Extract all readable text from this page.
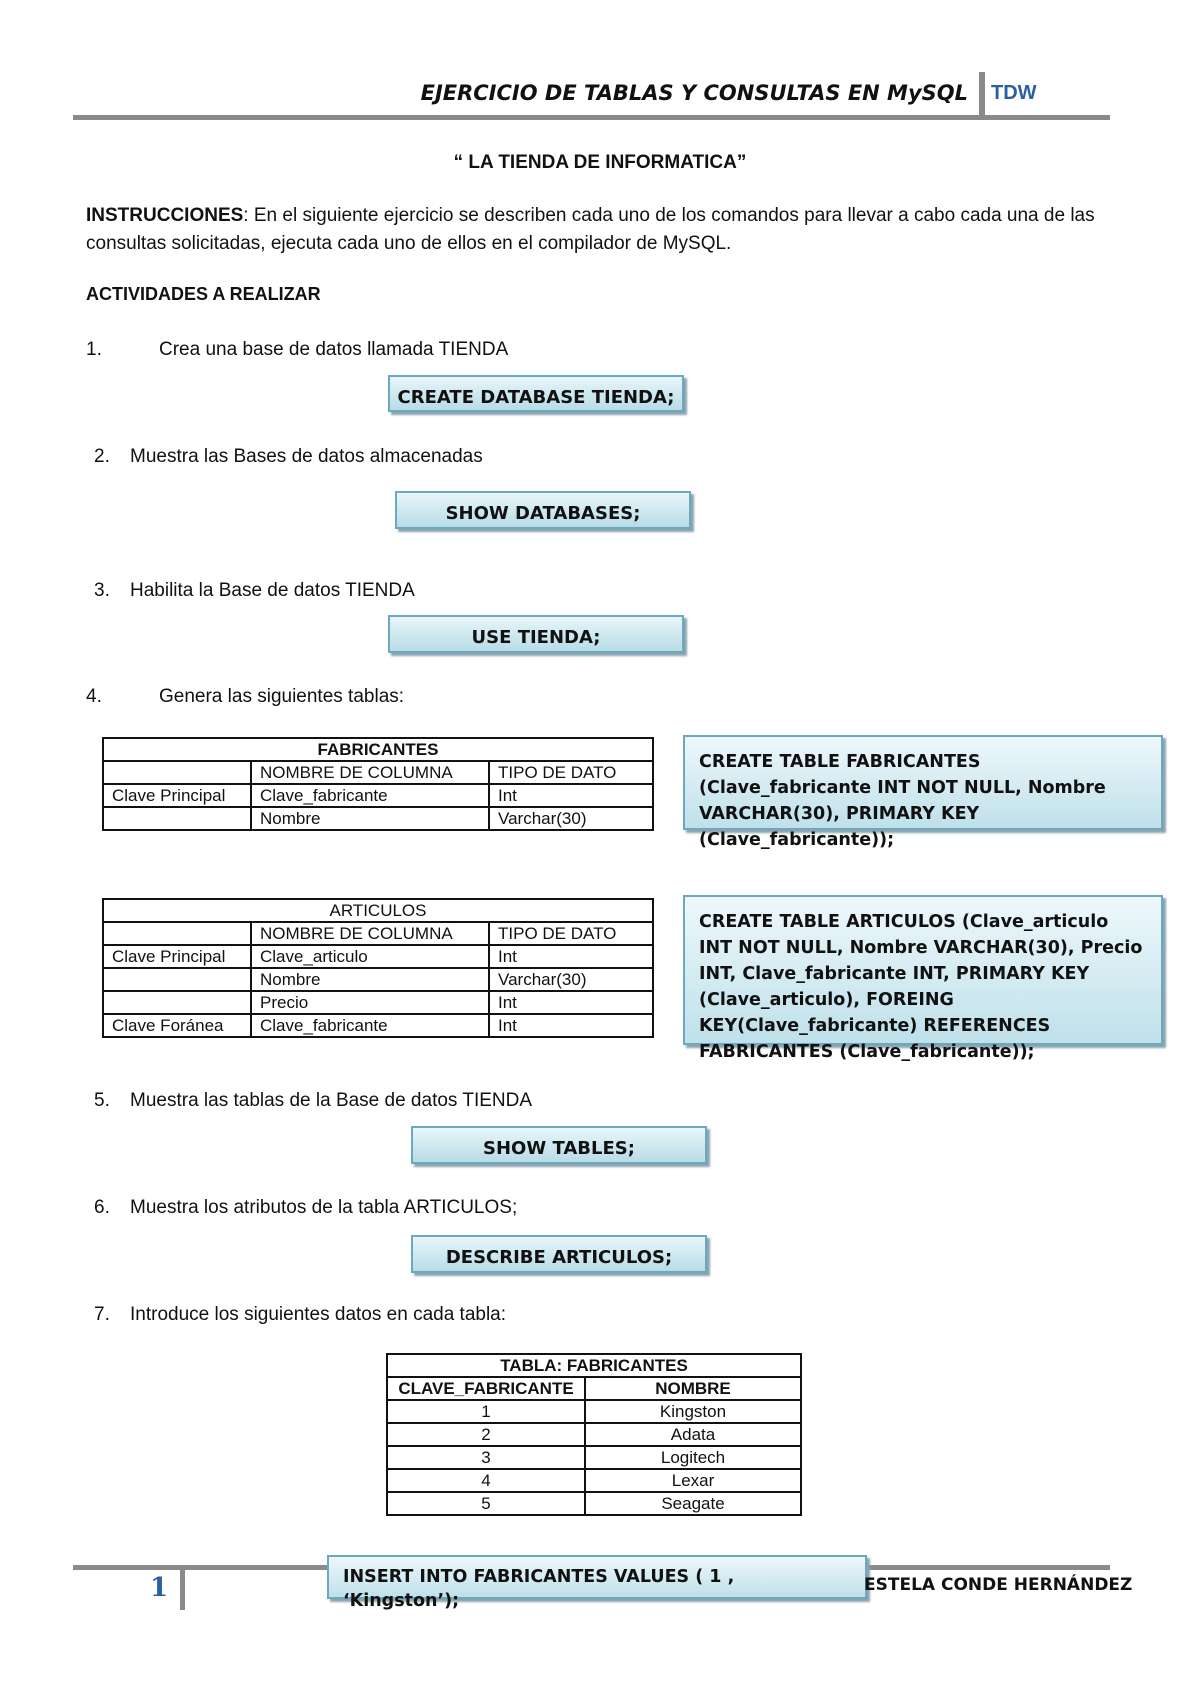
EJERCICIO DE TABLAS Y CONSULTAS EN MySQL TDW
“ LA TIENDA DE INFORMATICA”
INSTRUCCIONES: En el siguiente ejercicio se describen cada uno de los comandos para llevar a cabo cada una de las consultas solicitadas, ejecuta cada uno de ellos en el compilador de MySQL.
ACTIVIDADES A REALIZAR
1.	Crea una base de datos llamada TIENDA
CREATE DATABASE TIENDA;
2. Muestra las Bases de datos almacenadas
SHOW DATABASES;
3. Habilita la Base de datos TIENDA
USE TIENDA;
4.	Genera las siguientes tablas:
FABRICANTES		
	NOMBRE DE COLUMNA	TIPO DE DATO
Clave Principal	Clave_fabricante	Int
	Nombre	Varchar(30)
CREATE TABLE FABRICANTES (Clave_fabricante INT NOT NULL, Nombre VARCHAR(30), PRIMARY KEY (Clave_fabricante));
ARTICULOS		
	NOMBRE DE COLUMNA	TIPO DE DATO
Clave Principal	Clave_articulo	Int
	Nombre	Varchar(30)
	Precio	Int
Clave Foránea	Clave_fabricante	Int
CREATE TABLE ARTICULOS (Clave_articulo INT NOT NULL, Nombre VARCHAR(30), Precio INT, Clave_fabricante INT, PRIMARY KEY (Clave_articulo), FOREING KEY(Clave_fabricante) REFERENCES FABRICANTES (Clave_fabricante));
5. Muestra las tablas de la Base de datos TIENDA
SHOW TABLES;
6. Muestra los atributos de la tabla ARTICULOS;
DESCRIBE ARTICULOS;
7. Introduce los siguientes datos en cada tabla:
TABLA: FABRICANTES	
CLAVE_FABRICANTE	NOMBRE
1	Kingston
2	Adata
3	Logitech
4	Lexar
5	Seagate
1	INSERT INTO FABRICANTES VALUES ( 1 , ‘Kingston’);
ESTELA CONDE HERNÁNDEZ
